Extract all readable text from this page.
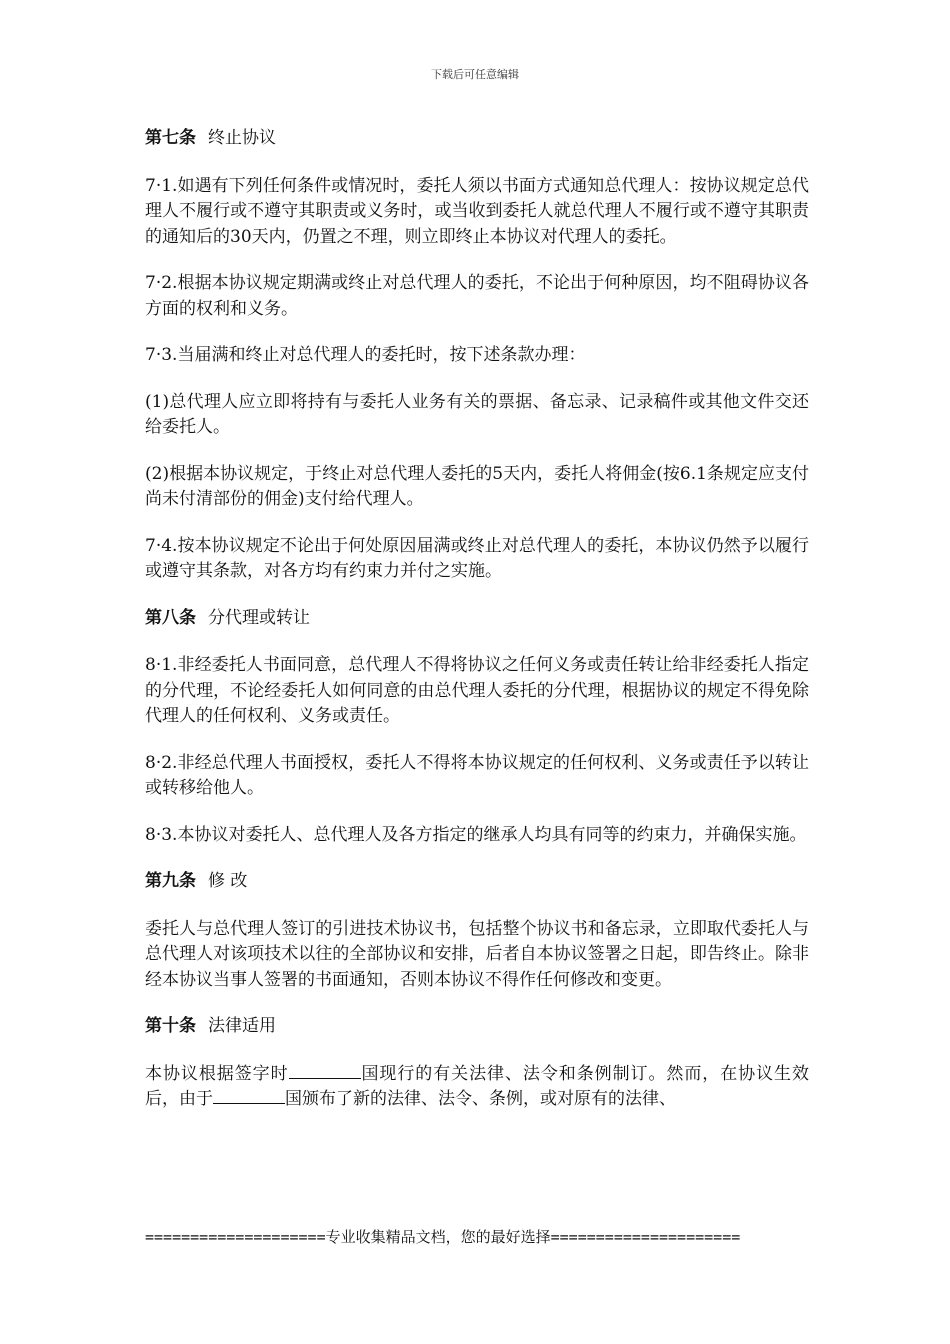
下载后可任意编辑

第七条 终止协议

7·1.如遇有下列任何条件或情况时，委托人须以书面方式通知总代理人：按协议规定总代理人不履行或不遵守其职责或义务时，或当收到委托人就总代理人不履行或不遵守其职责的通知后的30天内，仍置之不理，则立即终止本协议对代理人的委托。

7·2.根据本协议规定期满或终止对总代理人的委托，不论出于何种原因，均不阻碍协议各方面的权利和义务。

7·3.当届满和终止对总代理人的委托时，按下述条款办理：

(1)总代理人应立即将持有与委托人业务有关的票据、备忘录、记录稿件或其他文件交还给委托人。

(2)根据本协议规定，于终止对总代理人委托的5天内，委托人将佣金(按6.1条规定应支付尚未付清部份的佣金)支付给代理人。

7·4.按本协议规定不论出于何处原因届满或终止对总代理人的委托，本协议仍然予以履行或遵守其条款，对各方均有约束力并付之实施。

第八条 分代理或转让

8·1.非经委托人书面同意，总代理人不得将协议之任何义务或责任转让给非经委托人指定的分代理，不论经委托人如何同意的由总代理人委托的分代理，根据协议的规定不得免除代理人的任何权利、义务或责任。

8·2.非经总代理人书面授权，委托人不得将本协议规定的任何权利、义务或责任予以转让或转移给他人。

8·3.本协议对委托人、总代理人及各方指定的继承人均具有同等的约束力，并确保实施。

第九条 修 改

委托人与总代理人签订的引进技术协议书，包括整个协议书和备忘录，立即取代委托人与总代理人对该项技术以往的全部协议和安排，后者自本协议签署之日起，即告终止。除非经本协议当事人签署的书面通知，否则本协议不得作任何修改和变更。

第十条 法律适用

本协议根据签字时	国现行的有关法律、法令和条例制订。然而，在协议生效后，由于	国颁布了新的法律、法令、条例，或对原有的法律、

====================专业收集精品文档，您的最好选择=====================
